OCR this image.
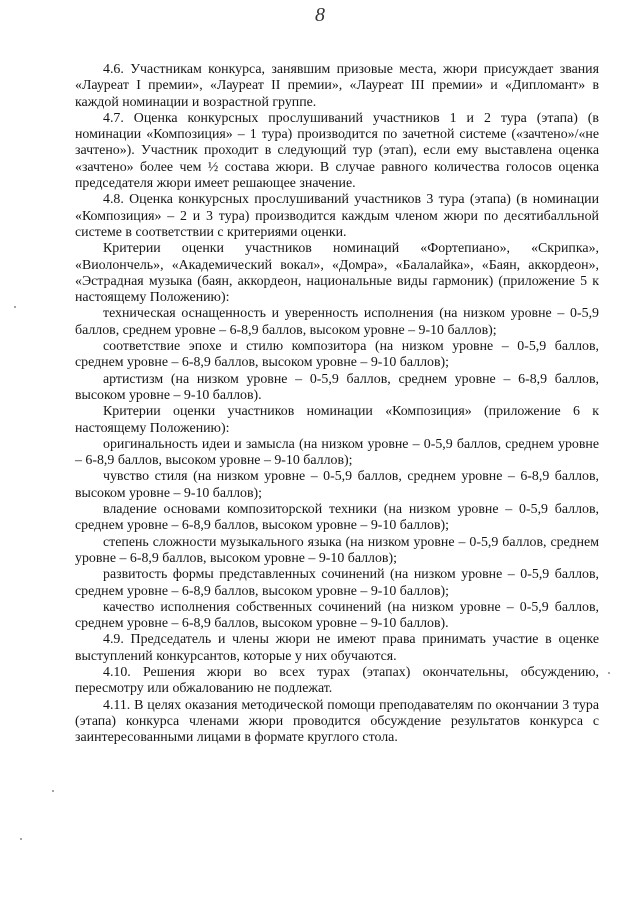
8

4.6. Участникам конкурса, занявшим призовые места, жюри присуждает звания «Лауреат I премии», «Лауреат II премии», «Лауреат III премии» и «Дипломант» в каждой номинации и возрастной группе.

4.7. Оценка конкурсных прослушиваний участников 1 и 2 тура (этапа) (в номинации «Композиция» – 1 тура) производится по зачетной системе («зачтено»/«не зачтено»). Участник проходит в следующий тур (этап), если ему выставлена оценка «зачтено» более чем ½ состава жюри. В случае равного количества голосов оценка председателя жюри имеет решающее значение.

4.8. Оценка конкурсных прослушиваний участников 3 тура (этапа) (в номинации «Композиция» – 2 и 3 тура) производится каждым членом жюри по десятибалльной системе в соответствии с критериями оценки.

Критерии оценки участников номинаций «Фортепиано», «Скрипка», «Виолончель», «Академический вокал», «Домра», «Балалайка», «Баян, аккордеон», «Эстрадная музыка (баян, аккордеон, национальные виды гармоник) (приложение 5 к настоящему Положению):

техническая оснащенность и уверенность исполнения (на низком уровне – 0-5,9 баллов, среднем уровне – 6-8,9 баллов, высоком уровне – 9-10 баллов);

соответствие эпохе и стилю композитора (на низком уровне – 0-5,9 баллов, среднем уровне – 6-8,9 баллов, высоком уровне – 9-10 баллов);

артистизм (на низком уровне – 0-5,9 баллов, среднем уровне – 6-8,9 баллов, высоком уровне – 9-10 баллов).

Критерии оценки участников номинации «Композиция» (приложение 6 к настоящему Положению):

оригинальность идеи и замысла (на низком уровне – 0-5,9 баллов, среднем уровне – 6-8,9 баллов, высоком уровне – 9-10 баллов);

чувство стиля (на низком уровне – 0-5,9 баллов, среднем уровне – 6-8,9 баллов, высоком уровне – 9-10 баллов);

владение основами композиторской техники (на низком уровне – 0-5,9 баллов, среднем уровне – 6-8,9 баллов, высоком уровне – 9-10 баллов);

степень сложности музыкального языка (на низком уровне – 0-5,9 баллов, среднем уровне – 6-8,9 баллов, высоком уровне – 9-10 баллов);

развитость формы представленных сочинений (на низком уровне – 0-5,9 баллов, среднем уровне – 6-8,9 баллов, высоком уровне – 9-10 баллов);

качество исполнения собственных сочинений (на низком уровне – 0-5,9 баллов, среднем уровне – 6-8,9 баллов, высоком уровне – 9-10 баллов).

4.9. Председатель и члены жюри не имеют права принимать участие в оценке выступлений конкурсантов, которые у них обучаются.

4.10. Решения жюри во всех турах (этапах) окончательны, обсуждению, пересмотру или обжалованию не подлежат.

4.11. В целях оказания методической помощи преподавателям по окончании 3 тура (этапа) конкурса членами жюри проводится обсуждение результатов конкурса с заинтересованными лицами в формате круглого стола.
